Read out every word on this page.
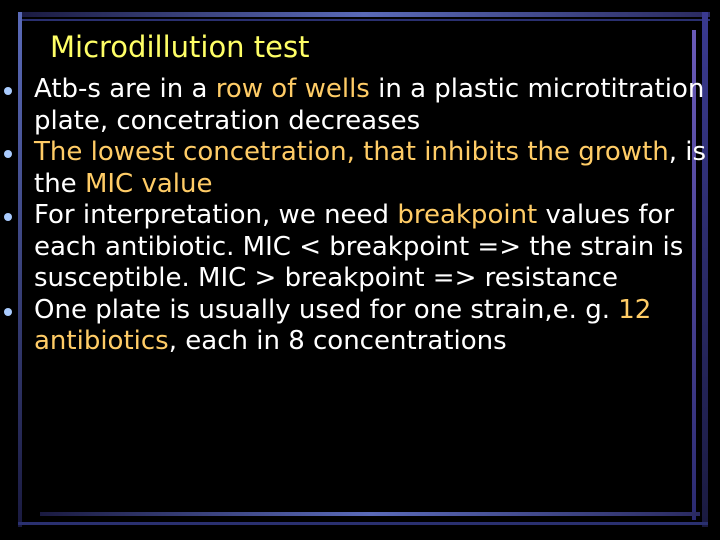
Microdillution test
Atb-s are in a row of wells in a plastic microtitration plate, concetration decreases
The lowest concetration, that inhibits the growth, is the MIC value
For interpretation, we need breakpoint values for each antibiotic. MIC < breakpoint => the strain is susceptible. MIC > breakpoint => resistance
One plate is usually used for one strain,e. g. 12 antibiotics, each in 8 concentrations
